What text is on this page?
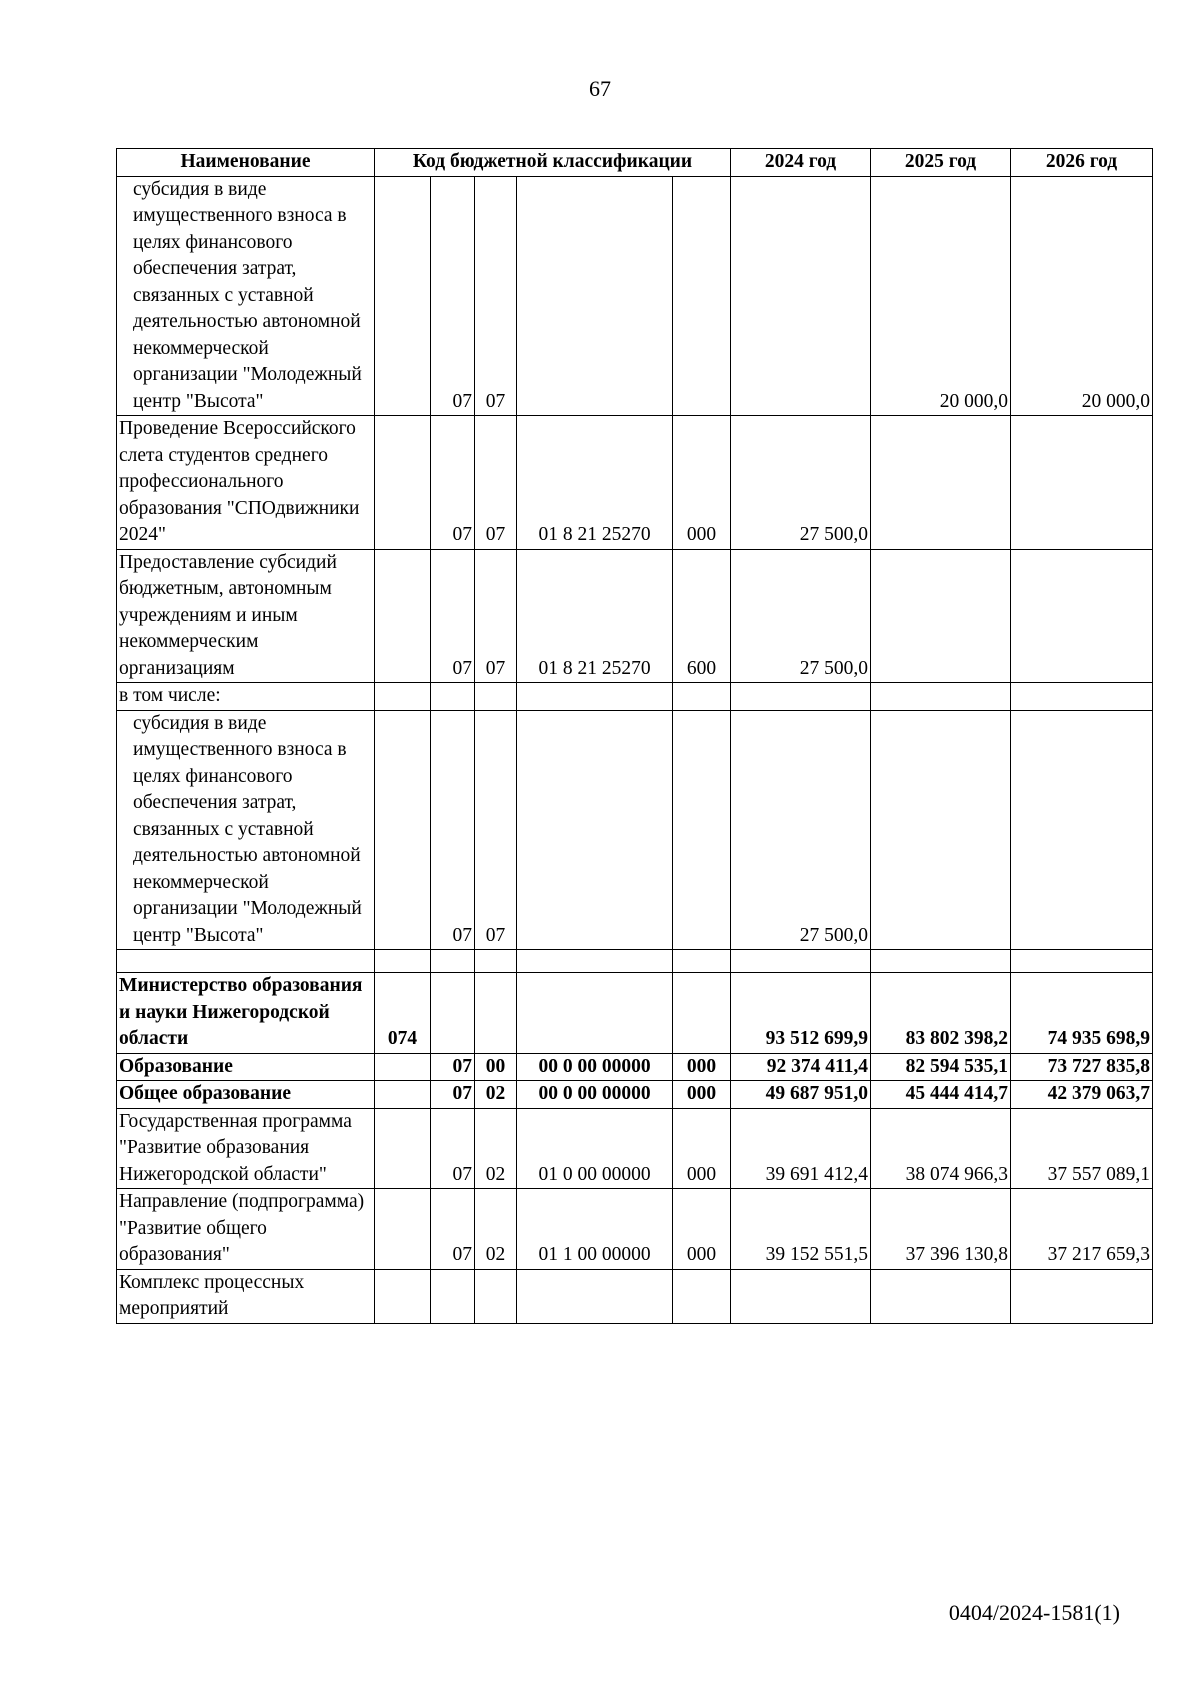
67
Наименование	Код бюджетной классификации					2024 год	2025 год	2026 год
субсидия в виде имущественного взноса в целях финансового обеспечения затрат, связанных с уставной деятельностью автономной некоммерческой организации "Молодежный центр "Высота"		07	07				20 000,0	20 000,0
Проведение Всероссийского слета студентов среднего профессионального образования "СПОдвижники 2024"		07	07	01 8 21 25270	000	27 500,0		
Предоставление субсидий бюджетным, автономным учреждениям и иным некоммерческим организациям		07	07	01 8 21 25270	600	27 500,0		
в том числе:								
субсидия в виде имущественного взноса в целях финансового обеспечения затрат, связанных с уставной деятельностью автономной некоммерческой организации "Молодежный центр "Высота"		07	07			27 500,0		

Министерство образования и науки Нижегородской области	074					93 512 699,9	83 802 398,2	74 935 698,9
Образование		07	00	00 0 00 00000	000	92 374 411,4	82 594 535,1	73 727 835,8
Общее образование		07	02	00 0 00 00000	000	49 687 951,0	45 444 414,7	42 379 063,7
Государственная программа "Развитие образования Нижегородской области"		07	02	01 0 00 00000	000	39 691 412,4	38 074 966,3	37 557 089,1
Направление (подпрограмма) "Развитие общего образования"		07	02	01 1 00 00000	000	39 152 551,5	37 396 130,8	37 217 659,3
Комплекс процессных мероприятий								
0404/2024-1581(1)
